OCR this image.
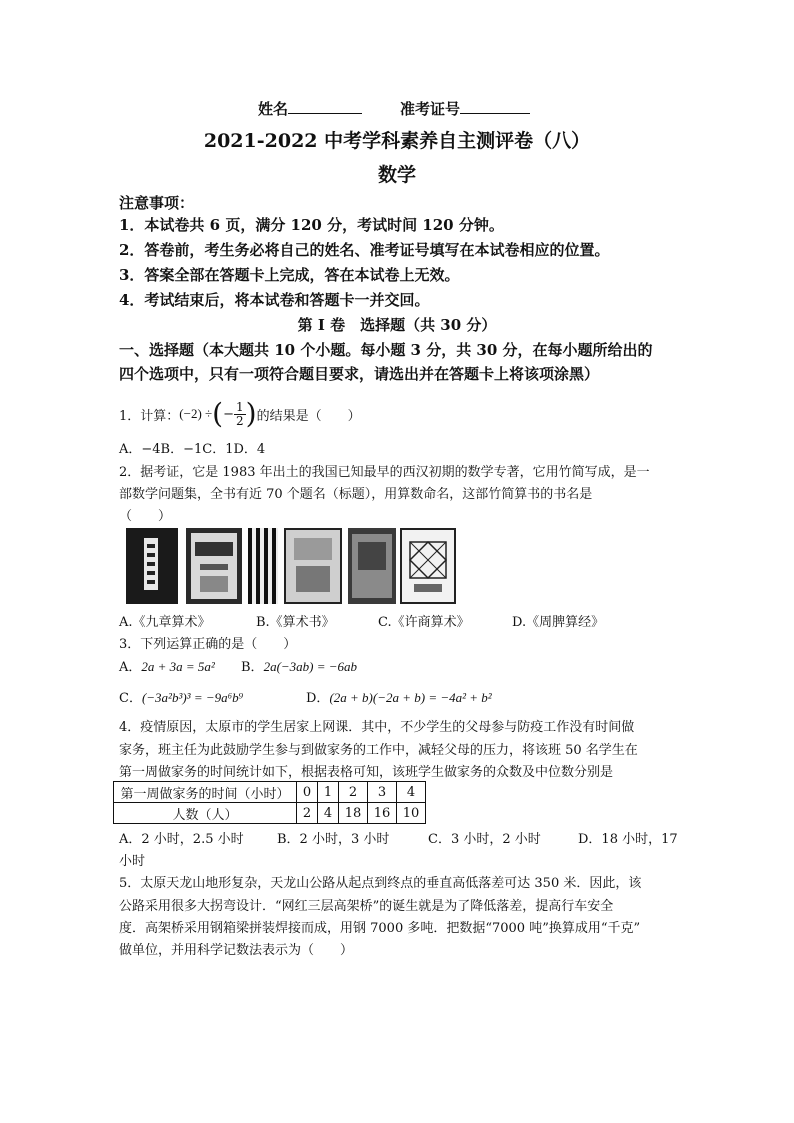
姓名	准考证号
2021-2022 中考学科素养自主测评卷（八）
数学
注意事项：
1．本试卷共 6 页，满分 120 分，考试时间 120 分钟。
2．答卷前，考生务必将自己的姓名、准考证号填写在本试卷相应的位置。
3．答案全部在答题卡上完成，答在本试卷上无效。
4．考试结束后，将本试卷和答题卡一并交回。
第 I 卷　选择题（共 30 分）
一、选择题（本大题共 10 个小题。每小题 3 分，共 30 分，在每小题所给出的
四个选项中，只有一项符合题目要求，请选出并在答题卡上将该项涂黑）
1．计算： (−2) ÷ ( − $\frac{1}{2}$ ) 的结果是（　　）
A．−4B．−1C．1D．4
2．据考证，它是 1983 年出土的我国已知最早的西汉初期的数学专著，它用竹简写成，是一
部数学问题集，全书有近 70 个题名（标题），用算数命名，这部竹简算书的书名是
（　　）
A.《九章算术》	B.《算术书》	C.《许商算术》	D.《周脾算经》
3．下列运算正确的是（　　）
A．2a + 3a = 5a² B．2a(−3ab) = −6ab
C．(−3a²b³)³ = −9a⁶b⁹	D．(2a + b)(−2a + b) = −4a² + b²
4．疫情原因，太原市的学生居家上网课．其中，不少学生的父母参与防疫工作没有时间做
家务，班主任为此鼓励学生参与到做家务的工作中，减轻父母的压力，将该班 50 名学生在
第一周做家务的时间统计如下，根据表格可知，该班学生做家务的众数及中位数分别是
第一周做家务的时间（小时）	0	1	2	3	4
人数（人）	2	4	18	16	10
A．2 小时，2.5 小时	B．2 小时，3 小时	C．3 小时，2 小时	D．18 小时，17
小时
5．太原天龙山地形复杂，天龙山公路从起点到终点的垂直高低落差可达 350 米．因此，该
公路采用很多大拐弯设计．“网红三层高架桥”的诞生就是为了降低落差，提高行车安全
度．高架桥采用钢箱梁拼装焊接而成，用钢 7000 多吨．把数据“7000 吨”换算成用“千克”
做单位，并用科学记数法表示为（　　）
